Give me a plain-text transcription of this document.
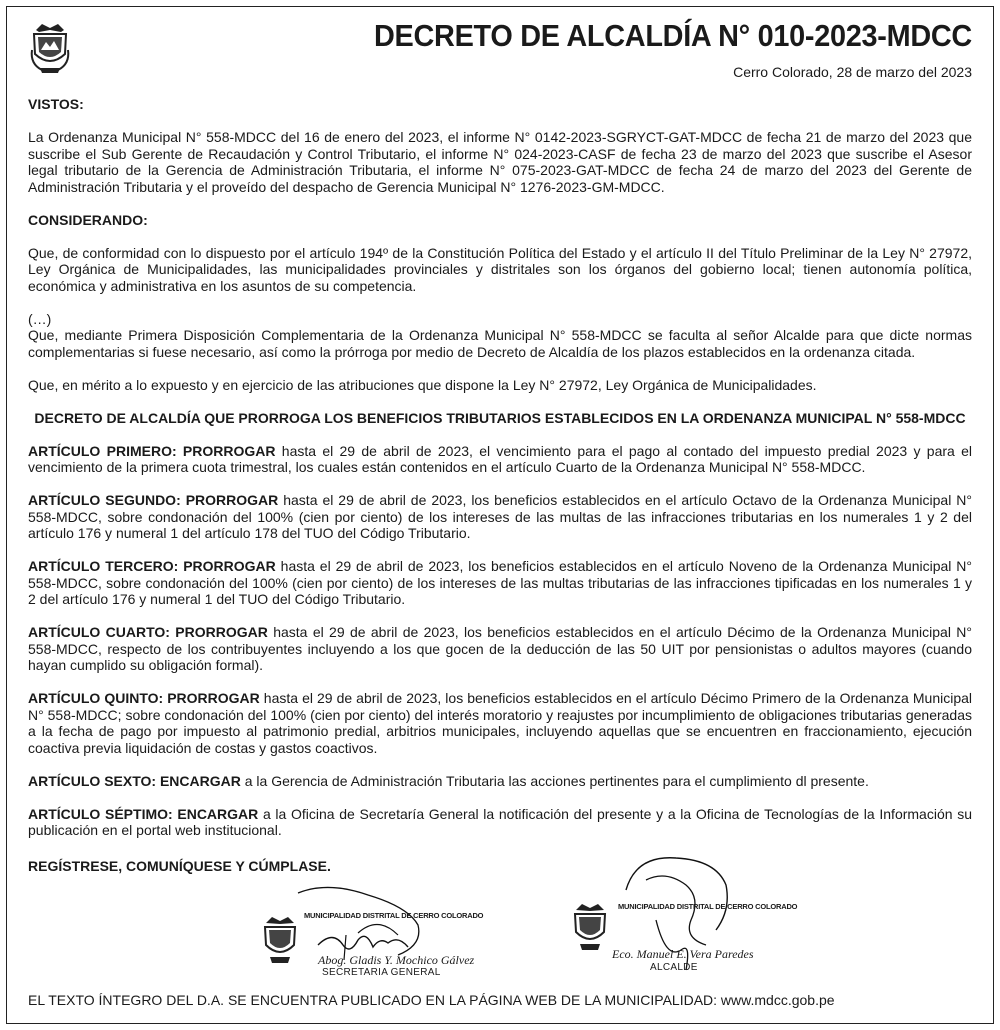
DECRETO DE ALCALDÍA N° 010-2023-MDCC
Cerro Colorado, 28 de marzo del 2023

VISTOS:

La Ordenanza Municipal N° 558-MDCC del 16 de enero del 2023, el informe N° 0142-2023-SGRYCT-GAT-MDCC de fecha 21 de marzo del 2023 que suscribe el Sub Gerente de Recaudación y Control Tributario, el informe N° 024-2023-CASF de fecha 23 de marzo del 2023 que suscribe el Asesor legal tributario de la Gerencia de Administración Tributaria, el informe N° 075-2023-GAT-MDCC de fecha 24 de marzo del 2023 del Gerente de Administración Tributaria y el proveído del despacho de Gerencia Municipal N° 1276-2023-GM-MDCC.

CONSIDERANDO:

Que, de conformidad con lo dispuesto por el artículo 194º de la Constitución Política del Estado y el artículo II del Título Preliminar de la Ley N° 27972, Ley Orgánica de Municipalidades, las municipalidades provinciales y distritales son los órganos del gobierno local; tienen autonomía política, económica y administrativa en los asuntos de su competencia.

(…)

Que, mediante Primera Disposición Complementaria de la Ordenanza Municipal N° 558-MDCC se faculta al señor Alcalde para que dicte normas complementarias si fuese necesario, así como la prórroga por medio de Decreto de Alcaldía de los plazos establecidos en la ordenanza citada.

Que, en mérito a lo expuesto y en ejercicio de las atribuciones que dispone la Ley N° 27972, Ley Orgánica de Municipalidades.

DECRETO DE ALCALDÍA QUE PRORROGA LOS BENEFICIOS TRIBUTARIOS ESTABLECIDOS EN LA ORDENANZA MUNICIPAL N° 558-MDCC

ARTÍCULO PRIMERO: PRORROGAR hasta el 29 de abril de 2023, el vencimiento para el pago al contado del impuesto predial 2023 y para el vencimiento de la primera cuota trimestral, los cuales están contenidos en el artículo Cuarto de la Ordenanza Municipal N° 558-MDCC.

ARTÍCULO SEGUNDO: PRORROGAR hasta el 29 de abril de 2023, los beneficios establecidos en el artículo Octavo de la Ordenanza Municipal N° 558-MDCC, sobre condonación del 100% (cien por ciento) de los intereses de las multas de las infracciones tributarias en los numerales 1 y 2 del artículo 176 y numeral 1 del artículo 178 del TUO del Código Tributario.

ARTÍCULO TERCERO: PRORROGAR hasta el 29 de abril de 2023, los beneficios establecidos en el artículo Noveno de la Ordenanza Municipal N° 558-MDCC, sobre condonación del 100% (cien por ciento) de los intereses de las multas tributarias de las infracciones tipificadas en los numerales 1 y 2 del artículo 176 y numeral 1 del TUO del Código Tributario.

ARTÍCULO CUARTO: PRORROGAR hasta el 29 de abril de 2023, los beneficios establecidos en el artículo Décimo de la Ordenanza Municipal N° 558-MDCC, respecto de los contribuyentes incluyendo a los que gocen de la deducción de las 50 UIT por pensionistas o adultos mayores (cuando hayan cumplido su obligación formal).

ARTÍCULO QUINTO: PRORROGAR hasta el 29 de abril de 2023, los beneficios establecidos en el artículo Décimo Primero de la Ordenanza Municipal N° 558-MDCC; sobre condonación del 100% (cien por ciento) del interés moratorio y reajustes por incumplimiento de obligaciones tributarias generadas a la fecha de pago por impuesto al patrimonio predial, arbitrios municipales, incluyendo aquellas que se encuentren en fraccionamiento, ejecución coactiva previa liquidación de costas y gastos coactivos.

ARTÍCULO SEXTO: ENCARGAR a la Gerencia de Administración Tributaria las acciones pertinentes para el cumplimiento dl presente.

ARTÍCULO SÉPTIMO: ENCARGAR a la Oficina de Secretaría General la notificación del presente y a la Oficina de Tecnologías de la Información su publicación en el portal web institucional.

REGÍSTRESE, COMUNÍQUESE Y CÚMPLASE.
MUNICIPALIDAD DISTRITAL DE CERRO COLORADO
Abog. Gladis Y. Mochico Gálvez
SECRETARIA GENERAL
MUNICIPALIDAD DISTRITAL DE CERRO COLORADO
Eco. Manuel E. Vera Paredes
ALCALDE
EL TEXTO ÍNTEGRO DEL D.A. SE ENCUENTRA PUBLICADO EN LA PÁGINA WEB DE LA MUNICIPALIDAD: www.mdcc.gob.pe
